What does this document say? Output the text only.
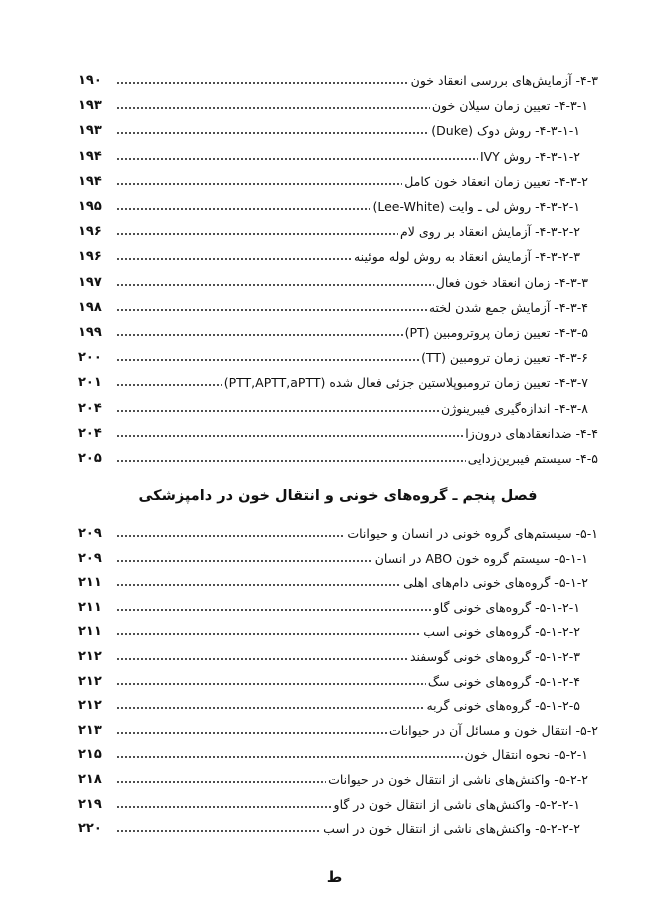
۴-۳- آزمایش‌های بررسی انعقاد خون
۱۹۰
۴-۳-۱- تعیین زمان سیلان خون
۱۹۳
۴-۳-۱-۱- روش دوک (Duke)
۱۹۳
۴-۳-۱-۲- روش IVY
۱۹۴
۴-۳-۲- تعیین زمان انعقاد خون کامل
۱۹۴
۴-۳-۲-۱- روش لی ـ وایت (Lee-White)
۱۹۵
۴-۳-۲-۲- آزمایش انعقاد بر روی لام
۱۹۶
۴-۳-۲-۳- آزمایش انعقاد به روش لوله موئینه
۱۹۶
۴-۳-۳- زمان انعقاد خون فعال
۱۹۷
۴-۳-۴- آزمایش جمع شدن لخته
۱۹۸
۴-۳-۵- تعیین زمان پروترومبین (PT)
۱۹۹
۴-۳-۶- تعیین زمان ترومبین (TT)
۲۰۰
۴-۳-۷- تعیین زمان ترومبوپلاستین جزئی فعال شده (PTT,APTT,aPTT)
۲۰۱
۴-۳-۸- اندازه‌گیری فیبرینوژن
۲۰۴
۴-۴- ضدانعقادهای درون‌زا
۲۰۴
۴-۵- سیستم فیبرین‌زدایی
۲۰۵
فصل پنجم ـ گروه‌های خونی و انتقال خون در دامپزشکی
۵-۱- سیستم‌های گروه خونی در انسان و حیوانات
۲۰۹
۵-۱-۱- سیستم گروه خون ABO در انسان
۲۰۹
۵-۱-۲- گروه‌های خونی دام‌های اهلی
۲۱۱
۵-۱-۲-۱- گروه‌های خونی گاو
۲۱۱
۵-۱-۲-۲- گروه‌های خونی اسب
۲۱۱
۵-۱-۲-۳- گروه‌های خونی گوسفند
۲۱۲
۵-۱-۲-۴- گروه‌های خونی سگ
۲۱۲
۵-۱-۲-۵- گروه‌های خونی گربه
۲۱۲
۵-۲- انتقال خون و مسائل آن در حیوانات
۲۱۳
۵-۲-۱- نحوه انتقال خون
۲۱۵
۵-۲-۲- واکنش‌های ناشی از انتقال خون در حیوانات
۲۱۸
۵-۲-۲-۱- واکنش‌های ناشی از انتقال خون در گاو
۲۱۹
۵-۲-۲-۲- واکنش‌های ناشی از انتقال خون در اسب
۲۲۰
ط
